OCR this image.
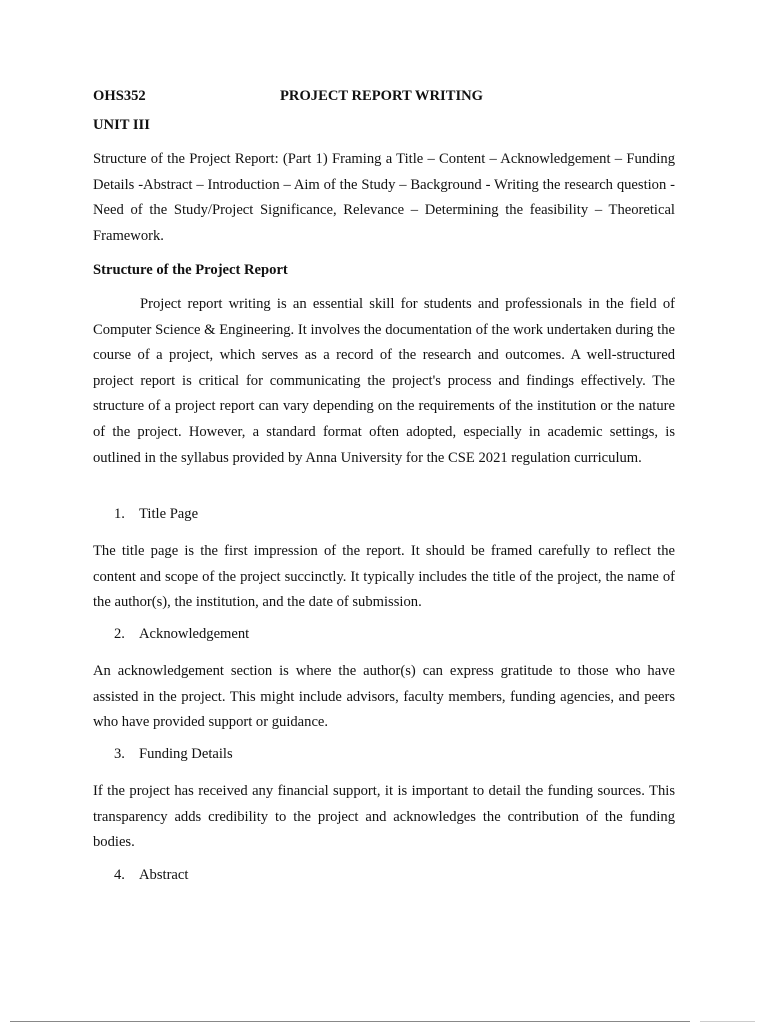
OHS352	PROJECT REPORT WRITING

UNIT III

Structure of the Project Report: (Part 1) Framing a Title – Content – Acknowledgement – Funding Details -Abstract – Introduction – Aim of the Study – Background - Writing the research question - Need of the Study/Project Significance, Relevance – Determining the feasibility – Theoretical Framework.

Structure of the Project Report

Project report writing is an essential skill for students and professionals in the field of Computer Science & Engineering. It involves the documentation of the work undertaken during the course of a project, which serves as a record of the research and outcomes. A well-structured project report is critical for communicating the project's process and findings effectively. The structure of a project report can vary depending on the requirements of the institution or the nature of the project. However, a standard format often adopted, especially in academic settings, is outlined in the syllabus provided by Anna University for the CSE 2021 regulation curriculum.

1. Title Page

The title page is the first impression of the report. It should be framed carefully to reflect the content and scope of the project succinctly. It typically includes the title of the project, the name of the author(s), the institution, and the date of submission.

2. Acknowledgement

An acknowledgement section is where the author(s) can express gratitude to those who have assisted in the project. This might include advisors, faculty members, funding agencies, and peers who have provided support or guidance.

3. Funding Details

If the project has received any financial support, it is important to detail the funding sources. This transparency adds credibility to the project and acknowledges the contribution of the funding bodies.

4. Abstract
